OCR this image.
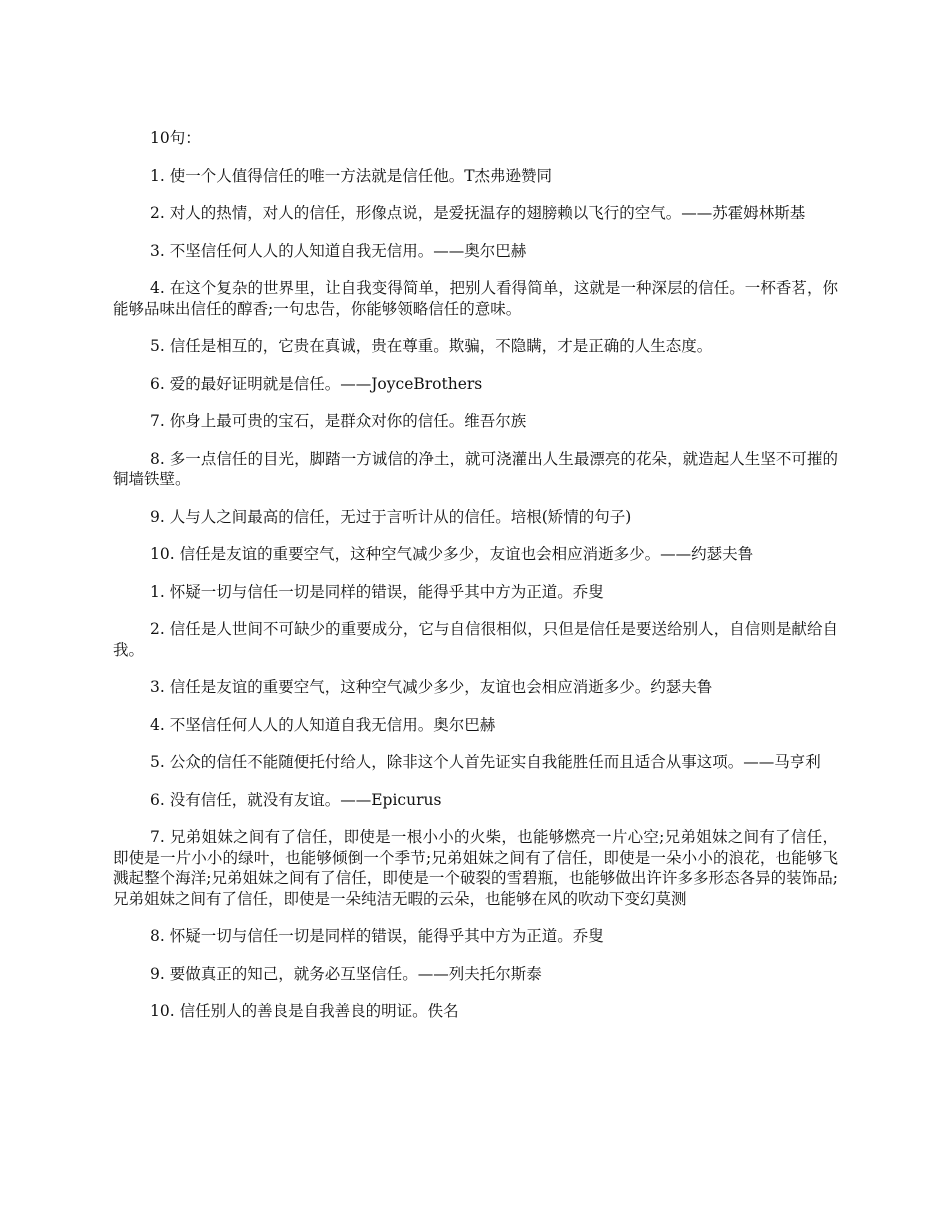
10句：

1. 使一个人值得信任的唯一方法就是信任他。T杰弗逊赞同

2. 对人的热情，对人的信任，形像点说，是爱抚温存的翅膀赖以飞行的空气。——苏霍姆林斯基

3. 不坚信任何人人的人知道自我无信用。——奥尔巴赫

4. 在这个复杂的世界里，让自我变得简单，把别人看得简单，这就是一种深层的信任。一杯香茗，你能够品味出信任的醇香;一句忠告，你能够领略信任的意味。

5. 信任是相互的，它贵在真诚，贵在尊重。欺骗，不隐瞒，才是正确的人生态度。

6. 爱的最好证明就是信任。——JoyceBrothers

7. 你身上最可贵的宝石，是群众对你的信任。维吾尔族

8. 多一点信任的目光，脚踏一方诚信的净土，就可浇灌出人生最漂亮的花朵，就造起人生坚不可摧的铜墙铁壁。

9. 人与人之间最高的信任，无过于言听计从的信任。培根(矫情的句子)

10. 信任是友谊的重要空气，这种空气减少多少，友谊也会相应消逝多少。——约瑟夫鲁

1. 怀疑一切与信任一切是同样的错误，能得乎其中方为正道。乔叟

2. 信任是人世间不可缺少的重要成分，它与自信很相似，只但是信任是要送给别人，自信则是献给自我。

3. 信任是友谊的重要空气，这种空气减少多少，友谊也会相应消逝多少。约瑟夫鲁

4. 不坚信任何人人的人知道自我无信用。奥尔巴赫

5. 公众的信任不能随便托付给人，除非这个人首先证实自我能胜任而且适合从事这项。——马亨利

6. 没有信任，就没有友谊。——Epicurus

7. 兄弟姐妹之间有了信任，即使是一根小小的火柴，也能够燃亮一片心空;兄弟姐妹之间有了信任，即使是一片小小的绿叶，也能够倾倒一个季节;兄弟姐妹之间有了信任，即使是一朵小小的浪花，也能够飞溅起整个海洋;兄弟姐妹之间有了信任，即使是一个破裂的雪碧瓶，也能够做出许许多多形态各异的装饰品;兄弟姐妹之间有了信任，即使是一朵纯洁无暇的云朵，也能够在风的吹动下变幻莫测

8. 怀疑一切与信任一切是同样的错误，能得乎其中方为正道。乔叟

9. 要做真正的知己，就务必互坚信任。——列夫托尔斯泰

10. 信任别人的善良是自我善良的明证。佚名
